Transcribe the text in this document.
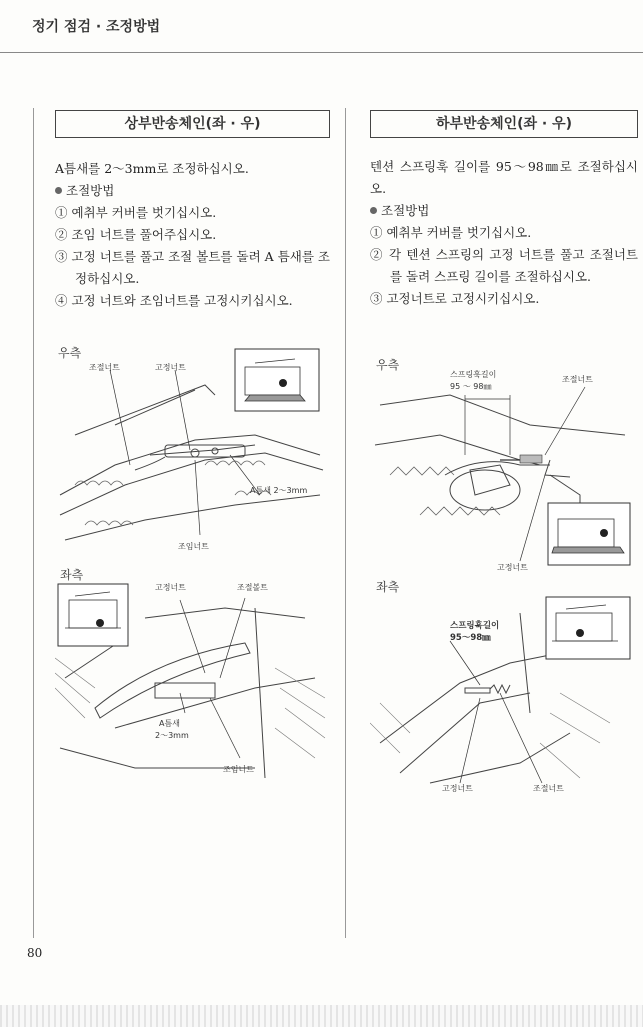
정기 점검 · 조정방법
상부반송체인(좌 · 우)
A틈새를 2～3mm로 조정하십시오.
조절방법
① 예취부 커버를 벗기십시오.
② 조임 너트를 풀어주십시오.
③ 고정 너트를 풀고 조절 볼트를 돌려 A 틈새를 조정하십시오.
④ 고정 너트와 조임너트를 고정시키십시오.
하부반송체인(좌 · 우)
텐션 스프링훅 길이를 95～98㎜로 조절하십시오.
조절방법
① 예취부 커버를 벗기십시오.
② 각 텐션 스프링의 고정 너트를 풀고 조절너트를 돌려 스프링 길이를 조절하십시오.
③ 고정너트로 고정시키십시오.
우측
조절너트	고정너트
A틈새 2～3mm
조임너트
좌측
고정너트	조절볼트
A틈새
2～3mm
조임너트
우측
스프링훅길이
95 ～ 98㎜
조절너트
고정너트
좌측
스프링훅길이
95～98㎜
고정너트	조절너트
80
